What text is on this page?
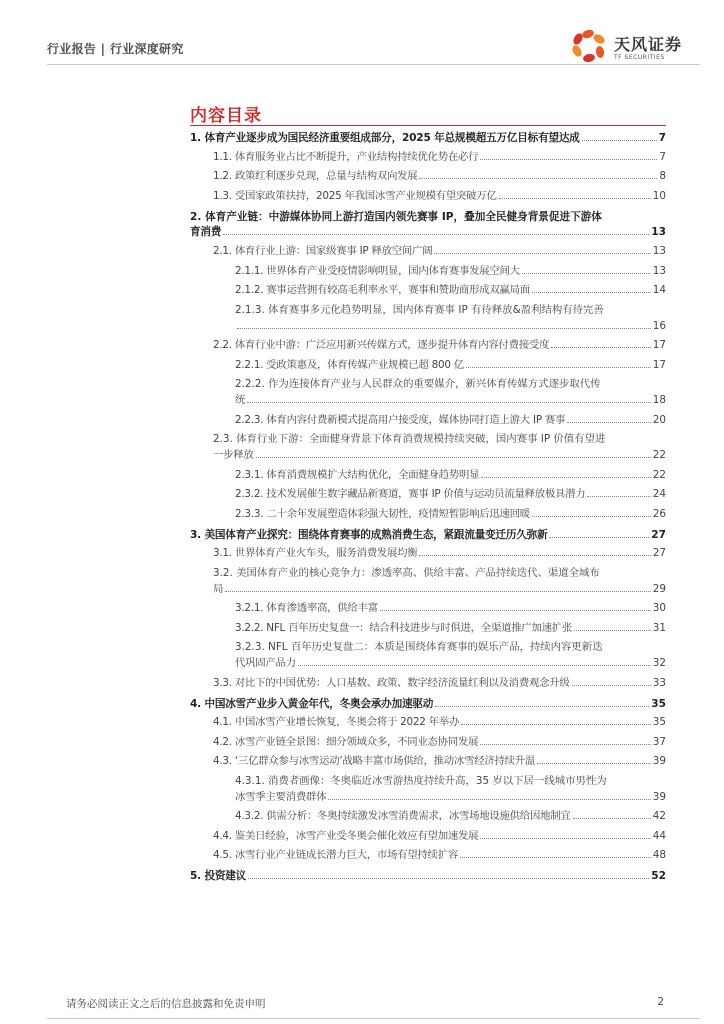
行业报告 | 行业深度研究	天风证券
TF SECURITIES
内容目录
1. 体育产业逐步成为国民经济重要组成部分，2025 年总规模超五万亿目标有望达成	7
1.1. 体育服务业占比不断提升，产业结构持续优化势在必行	7
1.2. 政策红利逐步兑现，总量与结构双向发展	8
1.3. 受国家政策扶持，2025 年我国冰雪产业规模有望突破万亿	10
2. 体育产业链：中游媒体协同上游打造国内领先赛事 IP，叠加全民健身背景促进下游体
育消费	13
2.1. 体育行业上游：国家级赛事 IP 释放空间广阔	13
2.1.1. 世界体育产业受疫情影响明显，国内体育赛事发展空间大	13
2.1.2. 赛事运营拥有较高毛利率水平，赛事和赞助商形成双赢局面	14
2.1.3. 体育赛事多元化趋势明显，国内体育赛事 IP 有待释放&盈利结构有待完善
16
2.2. 体育行业中游：广泛应用新兴传媒方式，逐步提升体育内容付费接受度	17
2.2.1. 受政策惠及，体育传媒产业规模已超 800 亿	17
2.2.2. 作为连接体育产业与人民群众的重要媒介，新兴体育传媒方式逐步取代传
统	18
2.2.3. 体育内容付费新模式提高用户接受度，媒体协同打造上游大 IP 赛事	20
2.3. 体育行业下游：全面健身背景下体育消费规模持续突破，国内赛事 IP 价值有望进
一步释放	22
2.3.1. 体育消费规模扩大结构优化，全面健身趋势明显	22
2.3.2. 技术发展催生数字藏品新赛道，赛事 IP 价值与运动员流量释放极具潜力	24
2.3.3. 二十余年发展塑造体彩强大韧性，疫情短暂影响后迅速回暖	26
3. 美国体育产业探究：围绕体育赛事的成熟消费生态，紧跟流量变迁历久弥新	27
3.1. 世界体育产业火车头，服务消费发展均衡	27
3.2. 美国体育产业的核心竞争力：渗透率高、供给丰富、产品持续迭代、渠道全域布
局	29
3.2.1. 体育渗透率高，供给丰富	30
3.2.2. NFL 百年历史复盘一：结合科技进步与时俱进，全渠道推广加速扩张	31
3.2.3. NFL 百年历史复盘二：本质是围绕体育赛事的娱乐产品，持续内容更新迭
代巩固产品力	32
3.3. 对比下的中国优势：人口基数、政策、数字经济流量红利以及消费观念升级	33
4. 中国冰雪产业步入黄金年代，冬奥会承办加速驱动	35
4.1. 中国冰雪产业增长恢复，冬奥会将于 2022 年举办	35
4.2. 冰雪产业链全景图：细分领域众多，不同业态协同发展	37
4.3. ‘三亿群众参与冰雪运动’战略丰富市场供给，推动冰雪经济持续升温	39
4.3.1. 消费者画像：冬奥临近冰雪游热度持续升高，35 岁以下居一线城市男性为
冰雪季主要消费群体	39
4.3.2. 供需分析：冬奥持续激发冰雪消费需求，冰雪场地设施供给因地制宜	42
4.4. 鉴美日经验，冰雪产业受冬奥会催化效应有望加速发展	44
4.5. 冰雪行业产业链成长潜力巨大，市场有望持续扩容	48
5. 投资建议	52
请务必阅读正文之后的信息披露和免责申明	2
